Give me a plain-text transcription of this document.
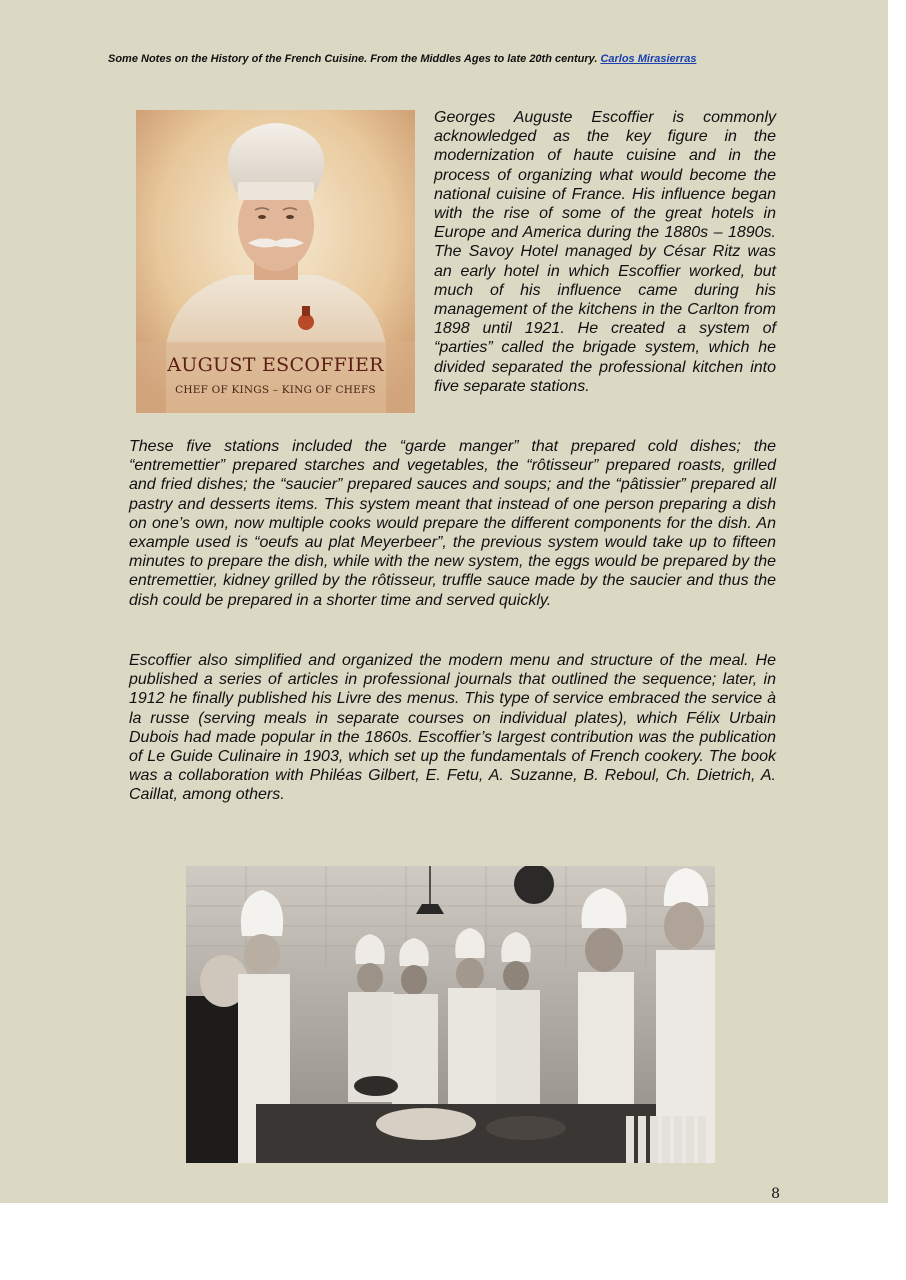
Some Notes on the History of the French Cuisine. From the Middles Ages to late 20th century. Carlos Mirasierras
AUGUST ESCOFFIER
CHEF OF KINGS – KING OF CHEFS

Georges Auguste Escoffier is commonly acknowledged as the key figure in the modernization of haute cuisine and in the process of organizing what would become the national cuisine of France. His influence began with the rise of some of the great hotels in Europe and America during the 1880s – 1890s. The Savoy Hotel managed by César Ritz was an early hotel in which Escoffier worked, but much of his influence came during his management of the kitchens in the Carlton from 1898 until 1921. He created a system of “parties” called the brigade system, which he divided separated the professional kitchen into five separate stations.

These five stations included the “garde manger” that prepared cold dishes; the “entremettier” prepared starches and vegetables, the “rôtisseur” prepared roasts, grilled and fried dishes; the “saucier” prepared sauces and soups; and the “pâtissier” prepared all pastry and desserts items. This system meant that instead of one person preparing a dish on one’s own, now multiple cooks would prepare the different components for the dish. An example used is “oeufs au plat Meyerbeer”, the previous system would take up to fifteen minutes to prepare the dish, while with the new system, the eggs would be prepared by the entremettier, kidney grilled by the rôtisseur, truffle sauce made by the saucier and thus the dish could be prepared in a shorter time and served quickly.

Escoffier also simplified and organized the modern menu and structure of the meal. He published a series of articles in professional journals that outlined the sequence; later, in 1912 he finally published his Livre des menus. This type of service embraced the service à la russe (serving meals in separate courses on individual plates), which Félix Urbain Dubois had made popular in the 1860s. Escoffier’s largest contribution was the publication of Le Guide Culinaire in 1903, which set up the fundamentals of French cookery. The book was a collaboration with Philéas Gilbert, E. Fetu, A. Suzanne, B. Reboul, Ch. Dietrich, A. Caillat, among others.

8
